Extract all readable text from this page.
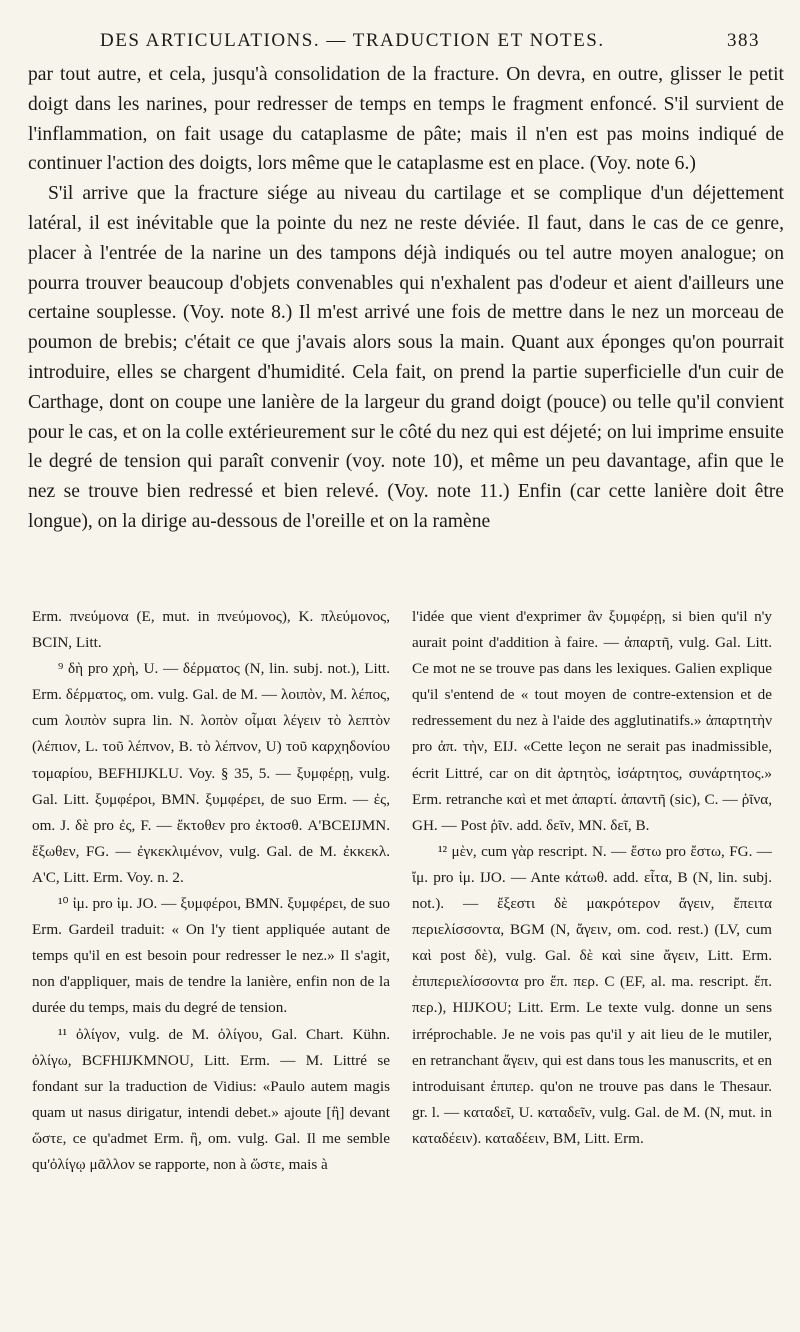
DES ARTICULATIONS. — TRADUCTION ET NOTES.	383

par tout autre, et cela, jusqu'à consolidation de la fracture. On devra, en outre, glisser le petit doigt dans les narines, pour redresser de temps en temps le fragment enfoncé. S'il survient de l'inflammation, on fait usage du cataplasme de pâte; mais il n'en est pas moins indiqué de continuer l'action des doigts, lors même que le cataplasme est en place. (Voy. note 6.)

S'il arrive que la fracture siége au niveau du cartilage et se complique d'un déjettement latéral, il est inévitable que la pointe du nez ne reste déviée. Il faut, dans le cas de ce genre, placer à l'entrée de la narine un des tampons déjà indiqués ou tel autre moyen analogue; on pourra trouver beaucoup d'objets convenables qui n'exhalent pas d'odeur et aient d'ailleurs une certaine souplesse. (Voy. note 8.) Il m'est arrivé une fois de mettre dans le nez un morceau de poumon de brebis; c'était ce que j'avais alors sous la main. Quant aux éponges qu'on pourrait introduire, elles se chargent d'humidité. Cela fait, on prend la partie superficielle d'un cuir de Carthage, dont on coupe une lanière de la largeur du grand doigt (pouce) ou telle qu'il convient pour le cas, et on la colle extérieurement sur le côté du nez qui est déjeté; on lui imprime ensuite le degré de tension qui paraît convenir (voy. note 10), et même un peu davantage, afin que le nez se trouve bien redressé et bien relevé. (Voy. note 11.) Enfin (car cette lanière doit être longue), on la dirige au-dessous de l'oreille et on la ramène

Erm. πνεύμονα (E, mut. in πνεύμονος), K. πλεύμονος, BCIN, Litt.

⁹ δὴ pro χρὴ, U. — δέρματος (N, lin. subj. not.), Litt. Erm. δέρματος, om. vulg. Gal. de M. — λοιπὸν, M. λέπος, cum λοιπὸν supra lin. N. λοπὸν οἶμαι λέγειν τὸ λεπτὸν (λέπιον, L. τοῦ λέπνον, B. τὸ λέπνον, U) τοῦ καρχηδονίου τομαρίου, BEFHIJKLU. Voy. § 35, 5. — ξυμφέρῃ, vulg. Gal. Litt. ξυμφέροι, BMN. ξυμφέρει, de suo Erm. — ἐς, om. J. δὲ pro ἐς, F. — ἔκτοθεν pro ἐκτοσθ. A'BCEIJMN. ἔξωθεν, FG. — ἐγκεκλιμένον, vulg. Gal. de M. ἐκκεκλ. A'C, Litt. Erm. Voy. n. 2.

¹⁰ ἰμ. pro ἱμ. JO. — ξυμφέροι, BMN. ξυμφέρει, de suo Erm. Gardeil traduit: « On l'y tient appliquée autant de temps qu'il en est besoin pour redresser le nez.» Il s'agit, non d'appliquer, mais de tendre la lanière, enfin non de la durée du temps, mais du degré de tension.

¹¹ ὀλίγον, vulg. de M. ὀλίγου, Gal. Chart. Kühn. ὀλίγω, BCFHIJKMNOU, Litt. Erm. — M. Littré se fondant sur la traduction de Vidius: «Paulo autem magis quam ut nasus dirigatur, intendi debet.» ajoute [ἢ] devant ὥστε, ce qu'admet Erm. ἢ, om. vulg. Gal. Il me semble qu'ὀλίγῳ μᾶλλον se rapporte, non à ὥστε, mais à

l'idée que vient d'exprimer ἂν ξυμφέρῃ, si bien qu'il n'y aurait point d'addition à faire. — ἀπαρτῆ, vulg. Gal. Litt. Ce mot ne se trouve pas dans les lexiques. Galien explique qu'il s'entend de « tout moyen de contre-extension et de redressement du nez à l'aide des agglutinatifs.» ἀπαρτητὴν pro ἀπ. τὴν, EIJ. «Cette leçon ne serait pas inadmissible, écrit Littré, car on dit ἀρτητὸς, ἰσάρτητος, συνάρτητος.» Erm. retranche καὶ et met ἀπαρτί. ἀπαντῆ (sic), C. — ῥῖνα, GH. — Post ῥῖν. add. δεῖν, MN. δεῖ, B.

¹² μὲν, cum γὰρ rescript. N. — ἔστω pro ἔστω, FG. — ἴμ. pro ἱμ. IJO. — Ante κάτωθ. add. εἶτα, B (N, lin. subj. not.). — ἔξεστι δὲ μακρότερον ἄγειν, ἔπειτα περιελίσσοντα, BGM (N, ἄγειν, om. cod. rest.) (LV, cum καὶ post δὲ), vulg. Gal. δὲ καὶ sine ἄγειν, Litt. Erm. ἐπιπεριελίσσοντα pro ἔπ. περ. C (EF, al. ma. rescript. ἔπ. περ.), HIJKOU; Litt. Erm. Le texte vulg. donne un sens irréprochable. Je ne vois pas qu'il y ait lieu de le mutiler, en retranchant ἄγειν, qui est dans tous les manuscrits, et en introduisant ἐπιπερ. qu'on ne trouve pas dans le Thesaur. gr. l. — καταδεῖ, U. καταδεῖν, vulg. Gal. de M. (N, mut. in καταδέειν). καταδέειν, BM, Litt. Erm.
